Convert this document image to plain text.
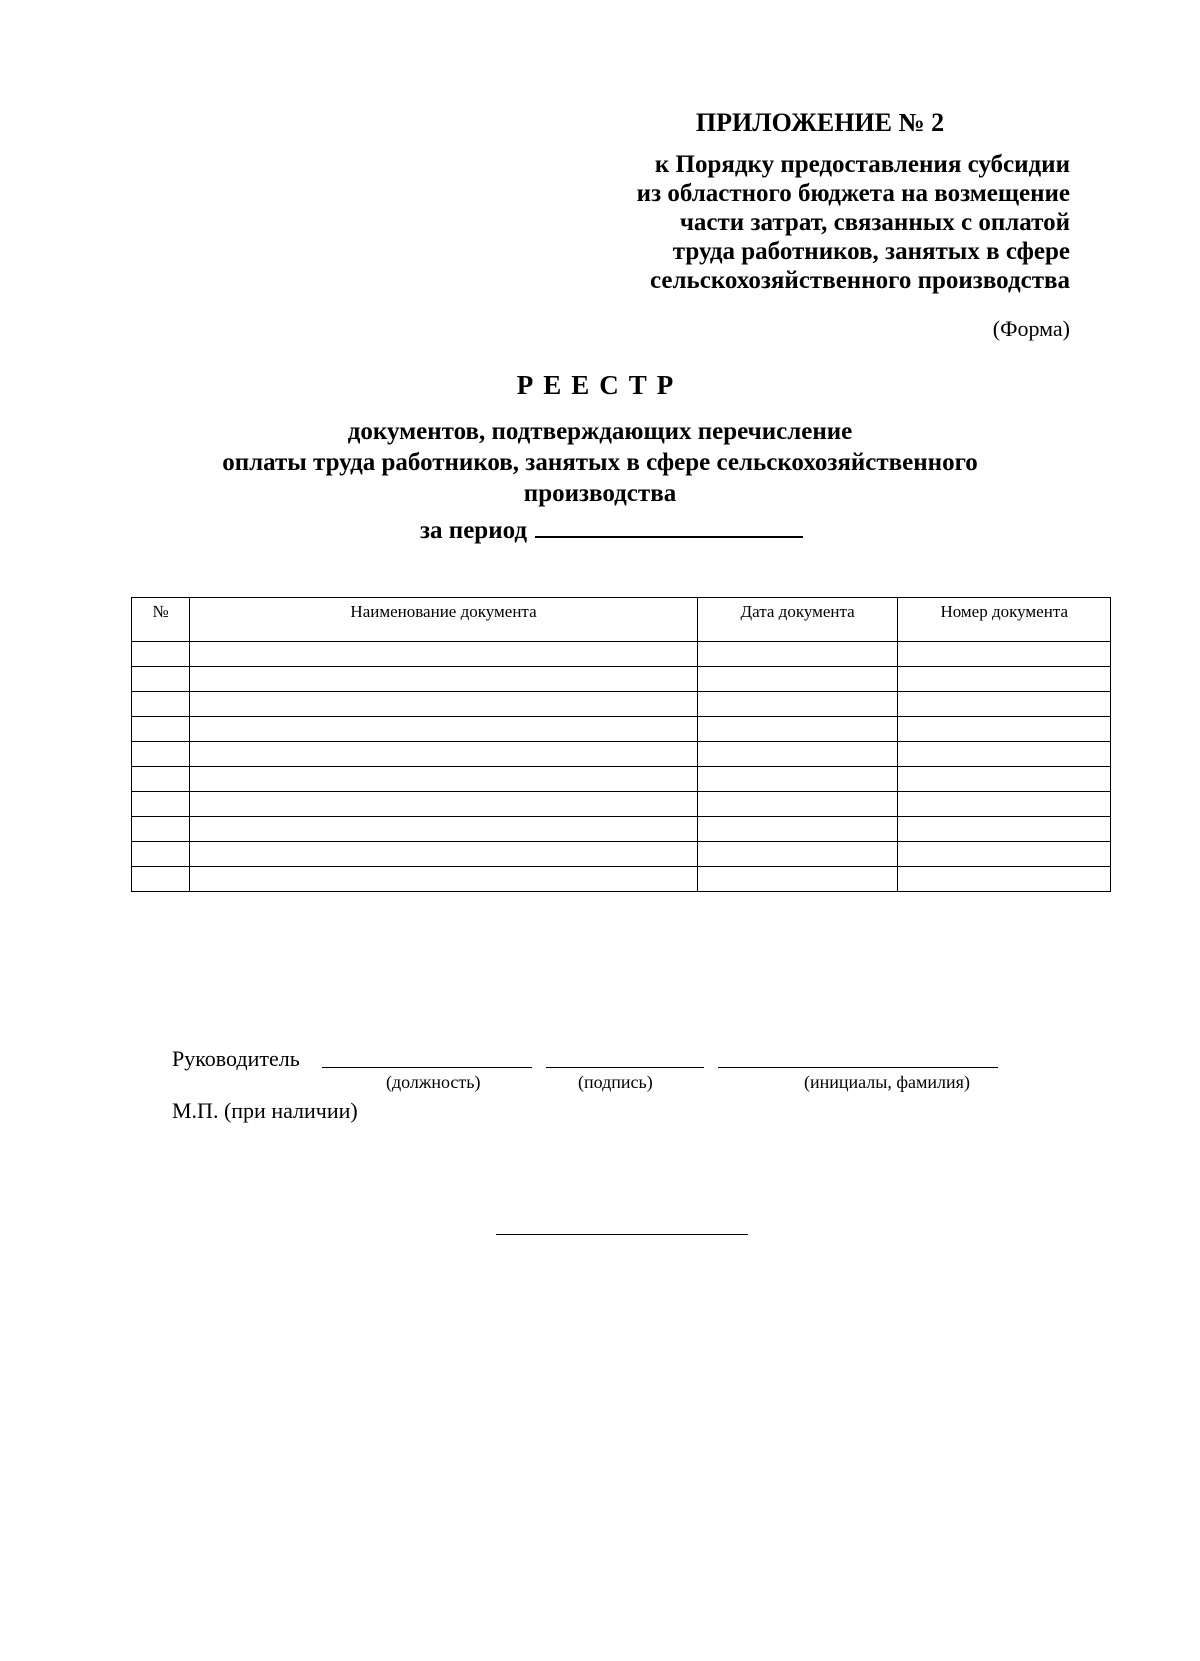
ПРИЛОЖЕНИЕ № 2
к Порядку предоставления субсидии
из областного бюджета на возмещение
части затрат, связанных с оплатой
труда работников, занятых в сфере
сельскохозяйственного производства
(Форма)
РЕЕСТР
документов, подтверждающих перечисление
оплаты труда работников, занятых в сфере сельскохозяйственного
производства
за период
№	Наименование документа	Дата документа	Номер документа

Руководитель
(должность)	(подпись)	(инициалы, фамилия)
М.П. (при наличии)
